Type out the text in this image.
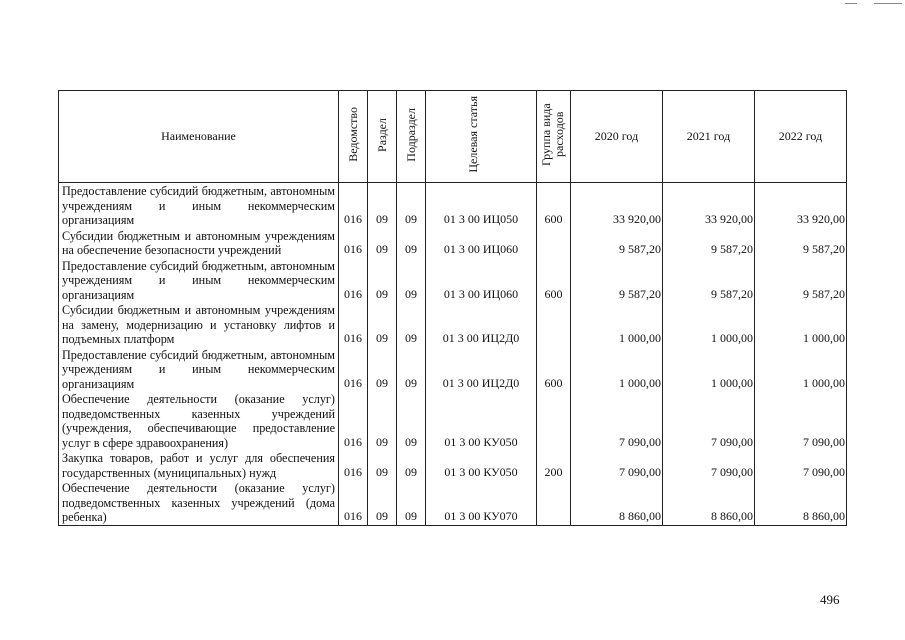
Наименование	Ведомство	Раздел	Подраздел	Целевая статья	Группа вида расходов	2020 год	2021 год	2022 год
Предоставление субсидий бюджетным, автономным учреждениям и иным некоммерческим организациям	016	09	09	01 3 00 ИЦ050	600	33 920,00	33 920,00	33 920,00
Субсидии бюджетным и автономным учреждениям на обеспечение безопасности учреждений	016	09	09	01 3 00 ИЦ060		9 587,20	9 587,20	9 587,20
Предоставление субсидий бюджетным, автономным учреждениям и иным некоммерческим организациям	016	09	09	01 3 00 ИЦ060	600	9 587,20	9 587,20	9 587,20
Субсидии бюджетным и автономным учреждениям на замену, модернизацию и установку лифтов и подъемных платформ	016	09	09	01 3 00 ИЦ2Д0		1 000,00	1 000,00	1 000,00
Предоставление субсидий бюджетным, автономным учреждениям и иным некоммерческим организациям	016	09	09	01 3 00 ИЦ2Д0	600	1 000,00	1 000,00	1 000,00
Обеспечение деятельности (оказание услуг) подведомственных казенных учреждений (учреждения, обеспечивающие предоставление услуг в сфере здравоохранения)	016	09	09	01 3 00 КУ050		7 090,00	7 090,00	7 090,00
Закупка товаров, работ и услуг для обеспечения государственных (муниципальных) нужд	016	09	09	01 3 00 КУ050	200	7 090,00	7 090,00	7 090,00
Обеспечение деятельности (оказание услуг) подведомственных казенных учреждений (дома ребенка)	016	09	09	01 3 00 КУ070		8 860,00	8 860,00	8 860,00
496
